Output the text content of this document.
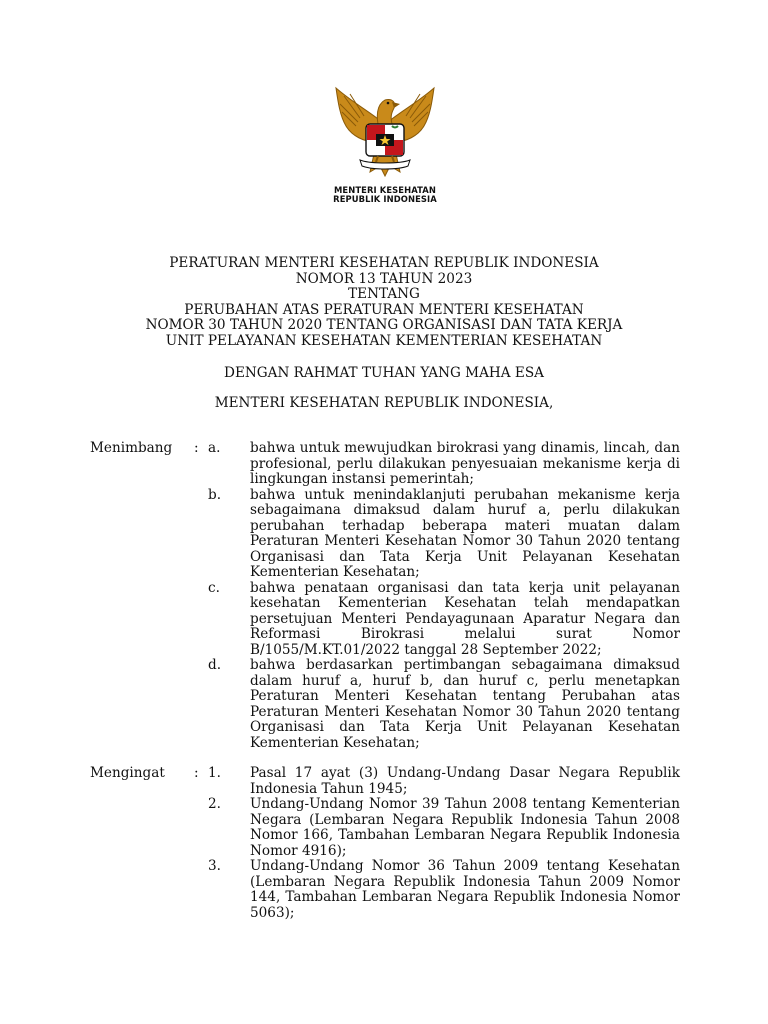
MENTERI KESEHATAN
REPUBLIK INDONESIA
PERATURAN MENTERI KESEHATAN REPUBLIK INDONESIA
NOMOR 13 TAHUN 2023
TENTANG
PERUBAHAN ATAS PERATURAN MENTERI KESEHATAN
NOMOR 30 TAHUN 2020 TENTANG ORGANISASI DAN TATA KERJA
UNIT PELAYANAN KESEHATAN KEMENTERIAN KESEHATAN
DENGAN RAHMAT TUHAN YANG MAHA ESA
MENTERI KESEHATAN REPUBLIK INDONESIA,
Menimbang : a.	bahwa untuk mewujudkan birokrasi yang dinamis, lincah, dan profesional, perlu dilakukan penyesuaian mekanisme kerja di lingkungan instansi pemerintah;
b.	bahwa untuk menindaklanjuti perubahan mekanisme kerja sebagaimana dimaksud dalam huruf a, perlu dilakukan perubahan terhadap beberapa materi muatan dalam Peraturan Menteri Kesehatan Nomor 30 Tahun 2020 tentang Organisasi dan Tata Kerja Unit Pelayanan Kesehatan Kementerian Kesehatan;
c.	bahwa penataan organisasi dan tata kerja unit pelayanan kesehatan Kementerian Kesehatan telah mendapatkan persetujuan Menteri Pendayagunaan Aparatur Negara dan Reformasi Birokrasi melalui surat Nomor B/1055/M.KT.01/2022 tanggal 28 September 2022;
d.	bahwa berdasarkan pertimbangan sebagaimana dimaksud dalam huruf a, huruf b, dan huruf c, perlu menetapkan Peraturan Menteri Kesehatan tentang Perubahan atas Peraturan Menteri Kesehatan Nomor 30 Tahun 2020 tentang Organisasi dan Tata Kerja Unit Pelayanan Kesehatan Kementerian Kesehatan;
Mengingat : 1.	Pasal 17 ayat (3) Undang-Undang Dasar Negara Republik Indonesia Tahun 1945;
2.	Undang-Undang Nomor 39 Tahun 2008 tentang Kementerian Negara (Lembaran Negara Republik Indonesia Tahun 2008 Nomor 166, Tambahan Lembaran Negara Republik Indonesia Nomor 4916);
3.	Undang-Undang Nomor 36 Tahun 2009 tentang Kesehatan (Lembaran Negara Republik Indonesia Tahun 2009 Nomor 144, Tambahan Lembaran Negara Republik Indonesia Nomor 5063);
